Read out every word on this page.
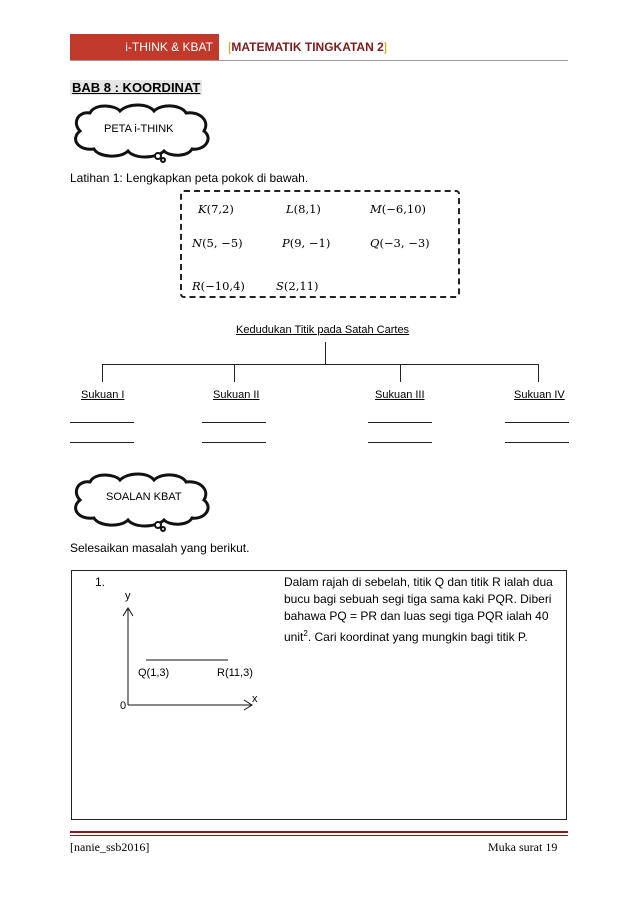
i-THINK & KBAT	[MATEMATIK TINGKATAN 2]
BAB 8 : KOORDINAT
PETA i-THINK
Latihan 1: Lengkapkan peta pokok di bawah.
K(7,2)	L(8,1)	M(−6,10)
N(5, −5)	P(9, −1)	Q(−3, −3)
R(−10,4)	S(2,11)
Kedudukan Titik pada Satah Cartes
Sukuan I	Sukuan II	Sukuan III	Sukuan IV
SOALAN KBAT
Selesaikan masalah yang berikut.
1.	Dalam rajah di sebelah, titik Q dan titik R ialah dua bucu bagi sebuah segi tiga sama kaki PQR. Diberi bahawa PQ = PR dan luas segi tiga PQR ialah 40 unit$^2$. Cari koordinat yang mungkin bagi titik P.
y
x
0
Q(1,3)	R(11,3)
[nanie_ssb2016]	Muka surat 19
